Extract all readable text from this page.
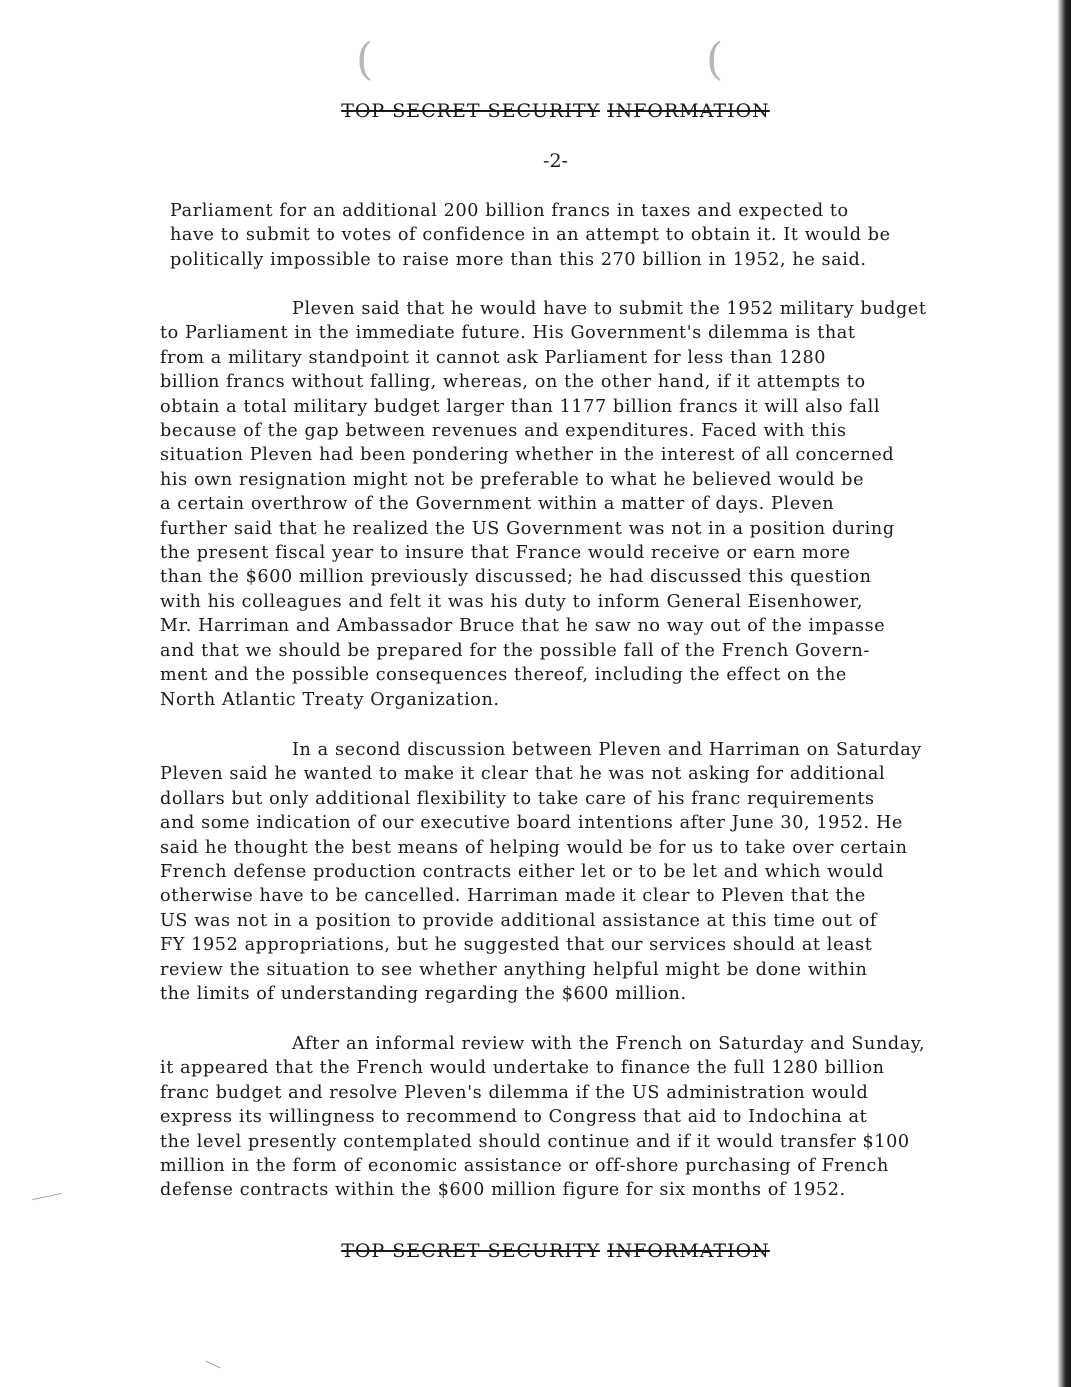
(	(
TOP SECRET SECURITY INFORMATION
-2-
Parliament for an additional 200 billion francs in taxes and expected to
have to submit to votes of confidence in an attempt to obtain it. It would be
politically impossible to raise more than this 270 billion in 1952, he said.
Pleven said that he would have to submit the 1952 military budget
to Parliament in the immediate future. His Government's dilemma is that
from a military standpoint it cannot ask Parliament for less than 1280
billion francs without falling, whereas, on the other hand, if it attempts to
obtain a total military budget larger than 1177 billion francs it will also fall
because of the gap between revenues and expenditures. Faced with this
situation Pleven had been pondering whether in the interest of all concerned
his own resignation might not be preferable to what he believed would be
a certain overthrow of the Government within a matter of days. Pleven
further said that he realized the US Government was not in a position during
the present fiscal year to insure that France would receive or earn more
than the $600 million previously discussed; he had discussed this question
with his colleagues and felt it was his duty to inform General Eisenhower,
Mr. Harriman and Ambassador Bruce that he saw no way out of the impasse
and that we should be prepared for the possible fall of the French Govern-
ment and the possible consequences thereof, including the effect on the
North Atlantic Treaty Organization.
In a second discussion between Pleven and Harriman on Saturday
Pleven said he wanted to make it clear that he was not asking for additional
dollars but only additional flexibility to take care of his franc requirements
and some indication of our executive board intentions after June 30, 1952. He
said he thought the best means of helping would be for us to take over certain
French defense production contracts either let or to be let and which would
otherwise have to be cancelled. Harriman made it clear to Pleven that the
US was not in a position to provide additional assistance at this time out of
FY 1952 appropriations, but he suggested that our services should at least
review the situation to see whether anything helpful might be done within
the limits of understanding regarding the $600 million.
After an informal review with the French on Saturday and Sunday,
it appeared that the French would undertake to finance the full 1280 billion
franc budget and resolve Pleven's dilemma if the US administration would
express its willingness to recommend to Congress that aid to Indochina at
the level presently contemplated should continue and if it would transfer $100
million in the form of economic assistance or off-shore purchasing of French
defense contracts within the $600 million figure for six months of 1952.
TOP SECRET SECURITY INFORMATION
